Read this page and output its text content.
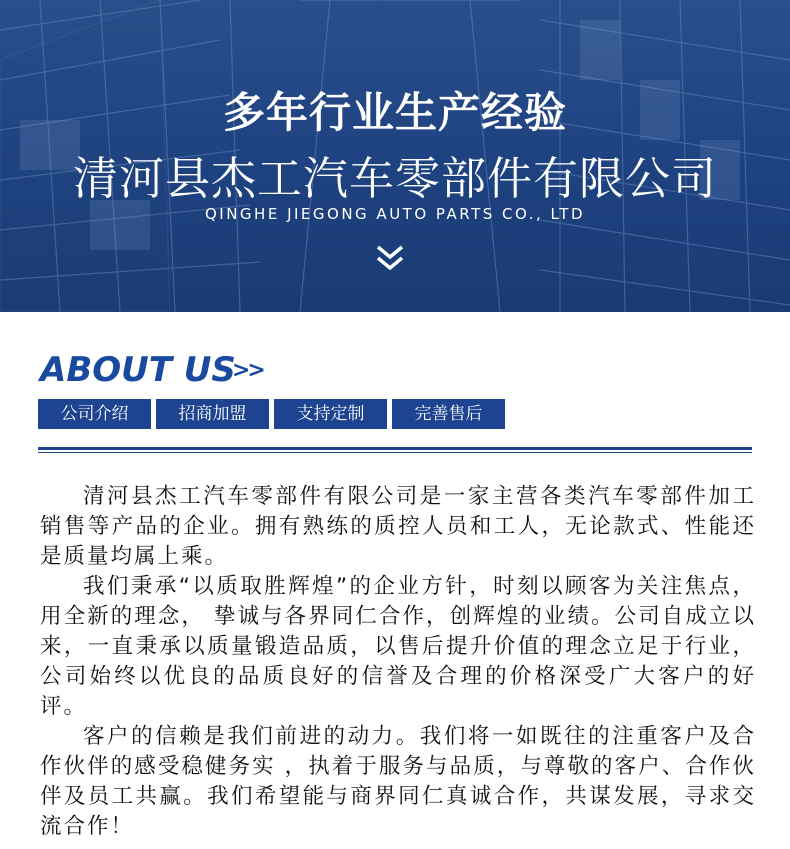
多年行业生产经验
清河县杰工汽车零部件有限公司
QINGHE JIEGONG AUTO PARTS CO., LTD
ABOUT US
>>
公司介绍	招商加盟	支持定制	完善售后

清河县杰工汽车零部件有限公司是一家主营各类汽车零部件加工销售等产品的企业。拥有熟练的质控人员和工人，无论款式、性能还是质量均属上乘。

我们秉承“以质取胜辉煌”的企业方针，时刻以顾客为关注焦点，用全新的理念， 挚诚与各界同仁合作，创辉煌的业绩。公司自成立以来，一直秉承以质量锻造品质，以售后提升价值的理念立足于行业，公司始终以优良的品质良好的信誉及合理的价格深受广大客户的好评。

客户的信赖是我们前进的动力。我们将一如既往的注重客户及合作伙伴的感受稳健务实 ，执着于服务与品质，与尊敬的客户、合作伙伴及员工共赢。我们希望能与商界同仁真诚合作，共谋发展，寻求交流合作！
